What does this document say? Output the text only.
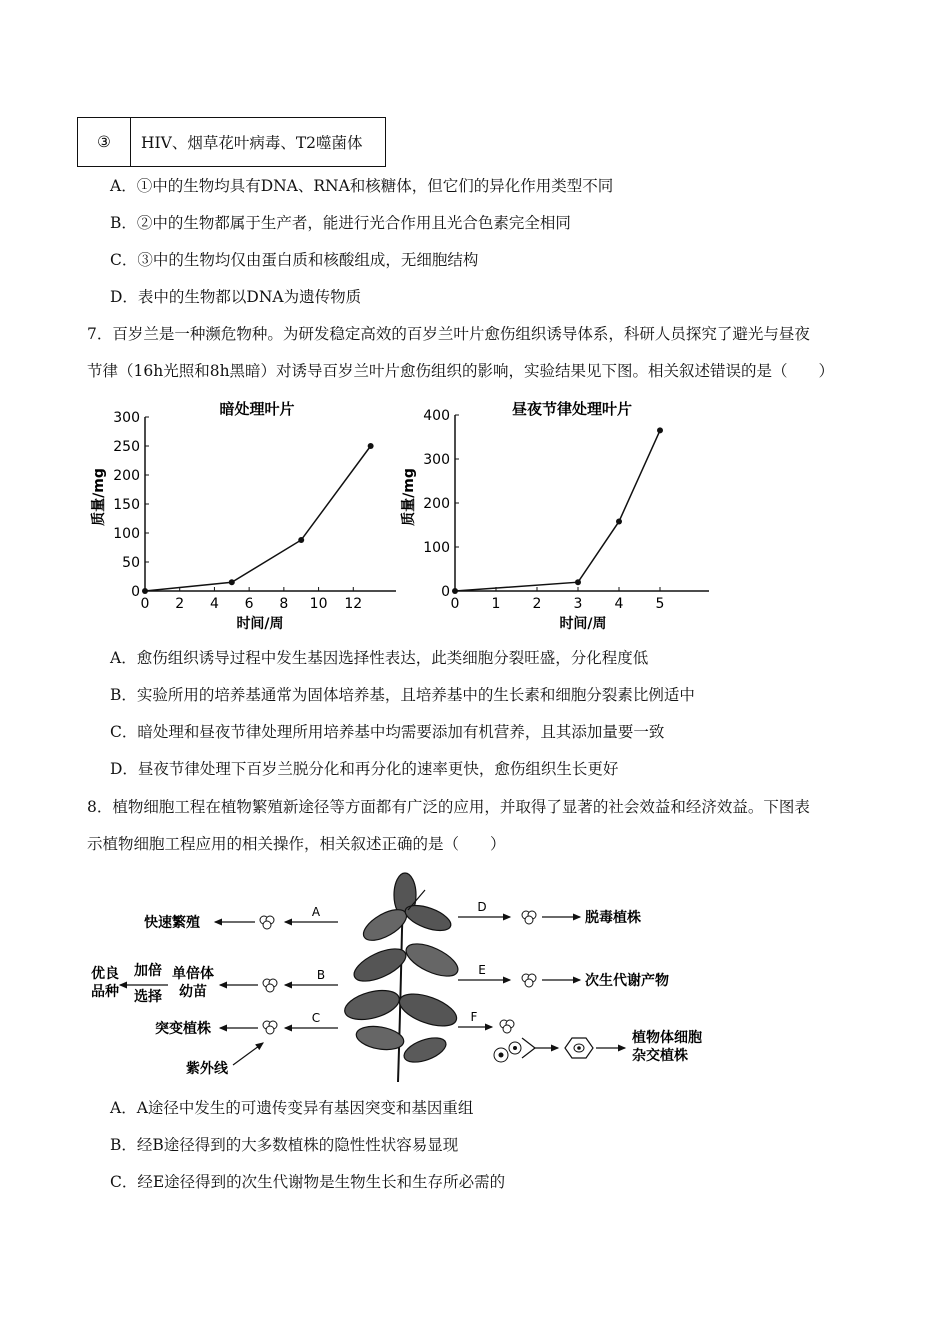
③	HIV、烟草花叶病毒、T2噬菌体
A．①中的生物均具有DNA、RNA和核糖体，但它们的异化作用类型不同
B．②中的生物都属于生产者，能进行光合作用且光合色素完全相同
C．③中的生物均仅由蛋白质和核酸组成，无细胞结构
D．表中的生物都以DNA为遗传物质
7．百岁兰是一种濒危物种。为研发稳定高效的百岁兰叶片愈伤组织诱导体系，科研人员探究了避光与昼夜
节律（16h光照和8h黑暗）对诱导百岁兰叶片愈伤组织的影响，实验结果见下图。相关叙述错误的是（　　）
暗处理叶片
0 2 4 6 8 10 12
0
50
100
150
200
250
300
质量/mg
时间/周
昼夜节律处理叶片
0 1 2 3 4 5
0
100
200
300
400
质量/mg
时间/周
A．愈伤组织诱导过程中发生基因选择性表达，此类细胞分裂旺盛，分化程度低
B．实验所用的培养基通常为固体培养基，且培养基中的生长素和细胞分裂素比例适中
C．暗处理和昼夜节律处理所用培养基中均需要添加有机营养，且其添加量要一致
D．昼夜节律处理下百岁兰脱分化和再分化的速率更快，愈伤组织生长更好
8．植物细胞工程在植物繁殖新途径等方面都有广泛的应用，并取得了显著的社会效益和经济效益。下图表
示植物细胞工程应用的相关操作，相关叙述正确的是（　　）
A
快速繁殖
B
单倍体
幼苗
加倍
选择
优良
品种
C
突变植株
紫外线
D
脱毒植株
E
次生代谢产物
F
植物体细胞
杂交植株
A．A途径中发生的可遗传变异有基因突变和基因重组
B．经B途径得到的大多数植株的隐性性状容易显现
C．经E途径得到的次生代谢物是生物生长和生存所必需的
